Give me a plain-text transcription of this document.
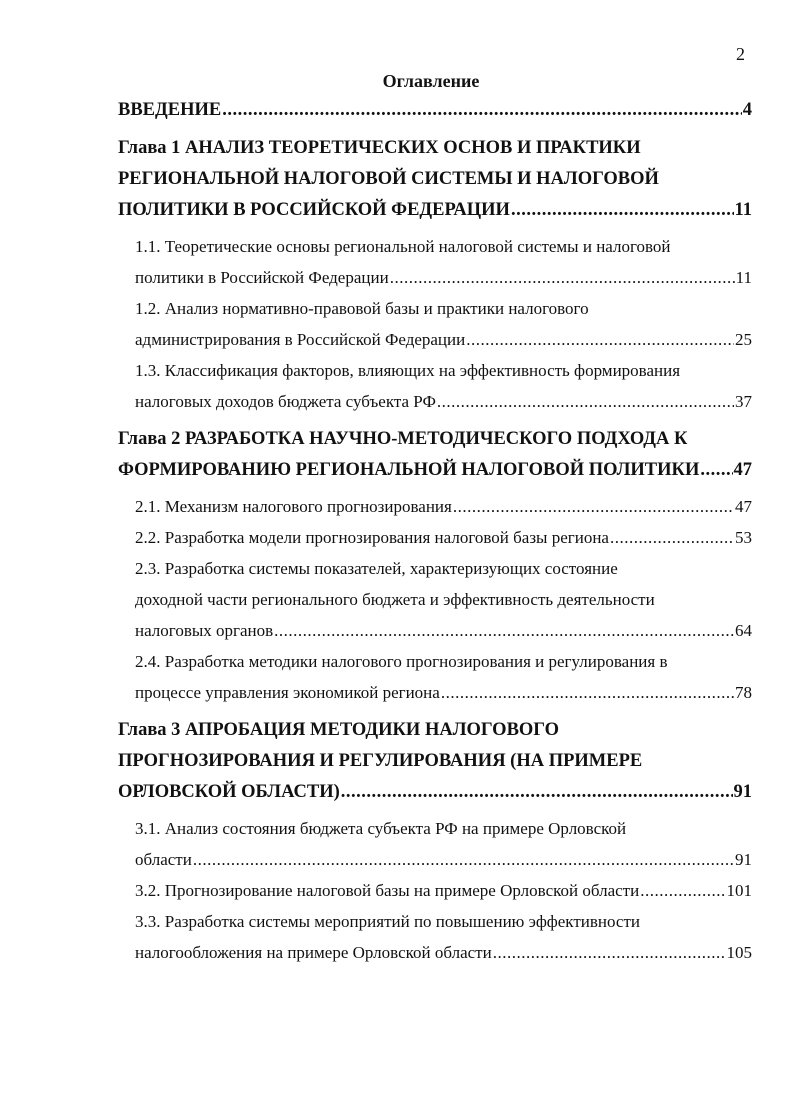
2
Оглавление
ВВЕДЕНИЕ .....	4
Глава 1 АНАЛИЗ ТЕОРЕТИЧЕСКИХ ОСНОВ И ПРАКТИКИ
РЕГИОНАЛЬНОЙ НАЛОГОВОЙ СИСТЕМЫ И НАЛОГОВОЙ
ПОЛИТИКИ В РОССИЙСКОЙ ФЕДЕРАЦИИ .....	11
1.1. Теоретические основы региональной налоговой системы и налоговой
политики в Российской Федерации .....	11
1.2. Анализ нормативно-правовой базы и практики налогового
администрирования в Российской Федерации .....	25
1.3. Классификация факторов, влияющих на эффективность формирования
налоговых доходов бюджета субъекта РФ .....	37
Глава 2 РАЗРАБОТКА НАУЧНО-МЕТОДИЧЕСКОГО ПОДХОДА К
ФОРМИРОВАНИЮ РЕГИОНАЛЬНОЙ НАЛОГОВОЙ ПОЛИТИКИ ..... 47
2.1. Механизм налогового прогнозирования .....	47
2.2. Разработка модели прогнозирования налоговой базы региона .....	53
2.3. Разработка системы показателей, характеризующих состояние
доходной части регионального бюджета и эффективность деятельности
налоговых органов .....	64
2.4. Разработка методики налогового прогнозирования и регулирования в
процессе управления экономикой региона .....	78
Глава 3 АПРОБАЦИЯ МЕТОДИКИ НАЛОГОВОГО
ПРОГНОЗИРОВАНИЯ И РЕГУЛИРОВАНИЯ (НА ПРИМЕРЕ
ОРЛОВСКОЙ ОБЛАСТИ) .....	91
3.1. Анализ состояния бюджета субъекта РФ на примере Орловской
области .....	91
3.2. Прогнозирование налоговой базы на примере Орловской области .....	101
3.3. Разработка системы мероприятий по повышению эффективности
налогообложения на примере Орловской области .....	105
